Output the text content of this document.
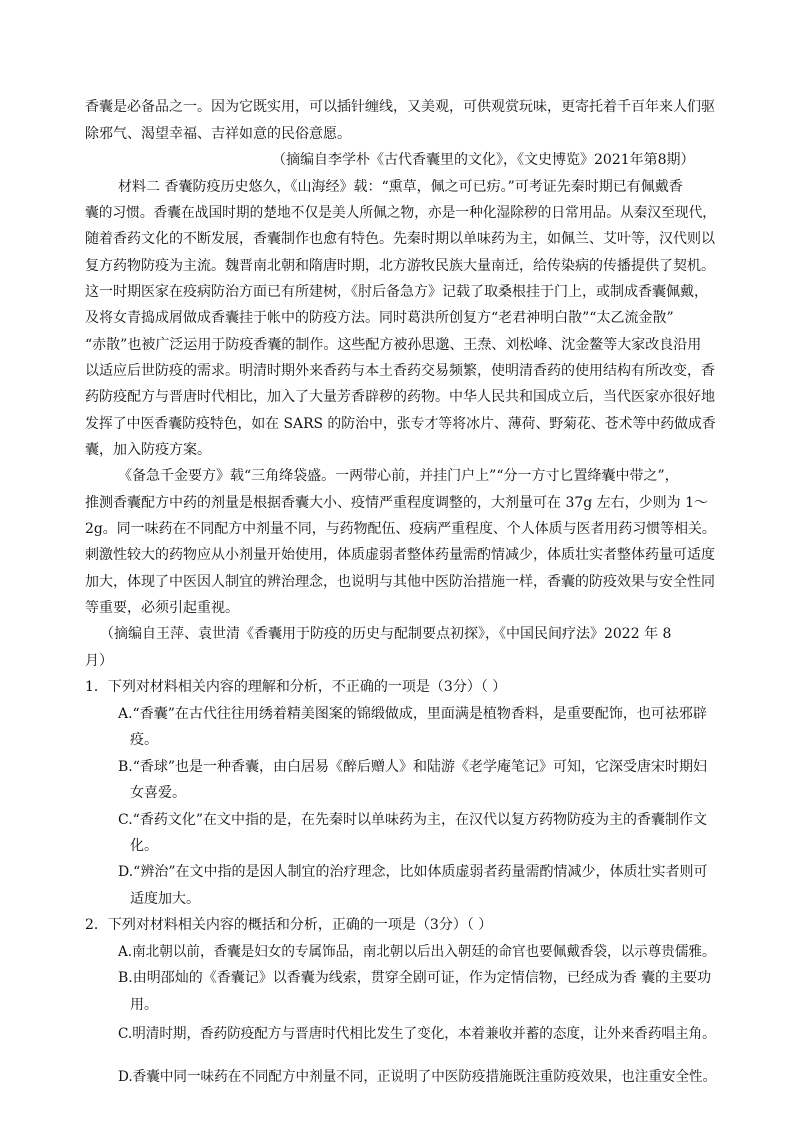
香囊是必备品之一。因为它既实用，可以插针缠线，又美观，可供观赏玩味，更寄托着千百年来人们驱
除邪气、渴望幸福、吉祥如意的民俗意愿。
（摘编自李学朴《古代香囊里的文化》，《文史博览》2021年第8期）
材料二 香囊防疫历史悠久，《山海经》载：“熏草，佩之可已疠。”可考证先秦时期已有佩戴香
囊的习惯。香囊在战国时期的楚地不仅是美人所佩之物，亦是一种化湿除秽的日常用品。从秦汉至现代，
随着香药文化的不断发展，香囊制作也愈有特色。先秦时期以单味药为主，如佩兰、艾叶等，汉代则以
复方药物防疫为主流。魏晋南北朝和隋唐时期，北方游牧民族大量南迁，给传染病的传播提供了契机。
这一时期医家在疫病防治方面已有所建树，《肘后备急方》记载了取桑根挂于门上，或制成香囊佩戴，
及将女青捣成屑做成香囊挂于帐中的防疫方法。同时葛洪所创复方“老君神明白散”“太乙流金散”
“赤散”也被广泛运用于防疫香囊的制作。这些配方被孙思邈、王焘、刘松峰、沈金鳌等大家改良沿用
以适应后世防疫的需求。明清时期外来香药与本土香药交易频繁，使明清香药的使用结构有所改变，香
药防疫配方与晋唐时代相比，加入了大量芳香辟秽的药物。中华人民共和国成立后，当代医家亦很好地
发挥了中医香囊防疫特色，如在 SARS 的防治中，张专才等将冰片、薄荷、野菊花、苍术等中药做成香
囊，加入防疫方案。
《备急千金要方》载“三角绛袋盛。一两带心前，并挂门户上”“分一方寸匕置绛囊中带之”，
推测香囊配方中药的剂量是根据香囊大小、疫情严重程度调整的，大剂量可在 37g 左右，少则为 1～
2g。同一味药在不同配方中剂量不同，与药物配伍、疫病严重程度、个人体质与医者用药习惯等相关。
刺激性较大的药物应从小剂量开始使用，体质虚弱者整体药量需酌情减少，体质壮实者整体药量可适度
加大，体现了中医因人制宜的辨治理念，也说明与其他中医防治措施一样，香囊的防疫效果与安全性同
等重要，必须引起重视。
（摘编自王萍、袁世清《香囊用于防疫的历史与配制要点初探》，《中国民间疗法》2022 年 8
月）
1．下列对材料相关内容的理解和分析，不正确的一项是（3分）（ ）
A.“香囊”在古代往往用绣着精美图案的锦缎做成，里面满是植物香料，是重要配饰，也可祛邪辟
疫。
B.“香球”也是一种香囊，由白居易《醉后赠人》和陆游《老学庵笔记》可知，它深受唐宋时期妇
女喜爱。
C.“香药文化”在文中指的是，在先秦时以单味药为主，在汉代以复方药物防疫为主的香囊制作文
化。
D.“辨治”在文中指的是因人制宜的治疗理念，比如体质虚弱者药量需酌情减少，体质壮实者则可
适度加大。
2．下列对材料相关内容的概括和分析，正确的一项是（3分）（ ）
A.南北朝以前，香囊是妇女的专属饰品，南北朝以后出入朝廷的命官也要佩戴香袋，以示尊贵儒雅。
B.由明邵灿的《香囊记》以香囊为线索，贯穿全剧可证，作为定情信物，已经成为香 囊的主要功
用。
C.明清时期，香药防疫配方与晋唐时代相比发生了变化，本着兼收并蓄的态度，让外来香药唱主角。
D.香囊中同一味药在不同配方中剂量不同，正说明了中医防疫措施既注重防疫效果，也注重安全性。
